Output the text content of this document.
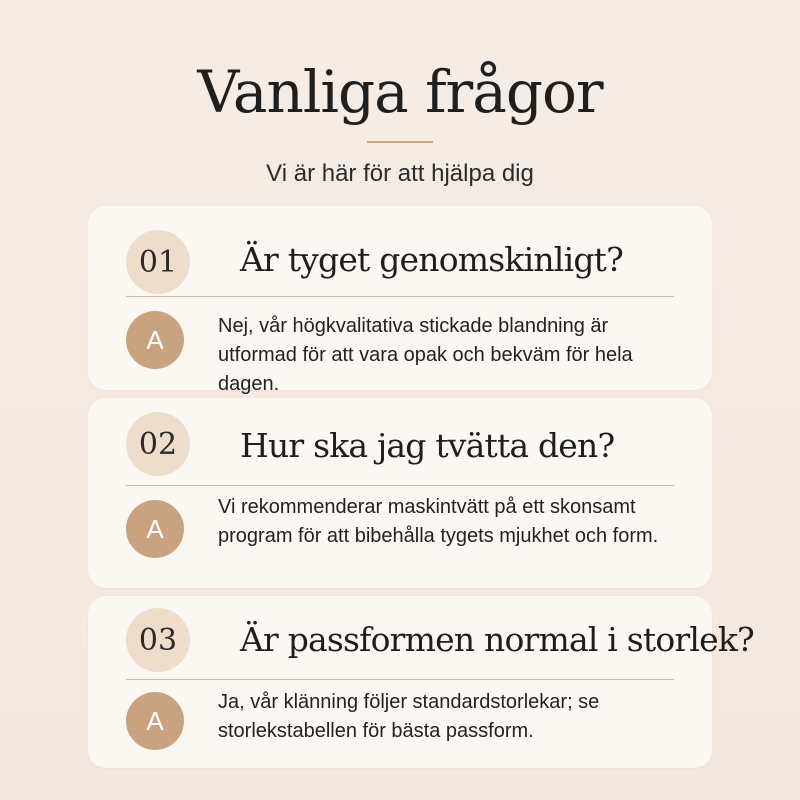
Vanliga frågor
Vi är här för att hjälpa dig
01	Är tyget genomskinligt?
A	Nej, vår högkvalitativa stickade blandning är utformad för att vara opak och bekväm för hela dagen.
02	Hur ska jag tvätta den?
A
Vi rekommenderar maskintvätt på ett skonsamt program för att bibehålla tygets mjukhet och form.
03	Är passformen normal i storlek?
A
Ja, vår klänning följer standardstorlekar; se storlekstabellen för bästa passform.
